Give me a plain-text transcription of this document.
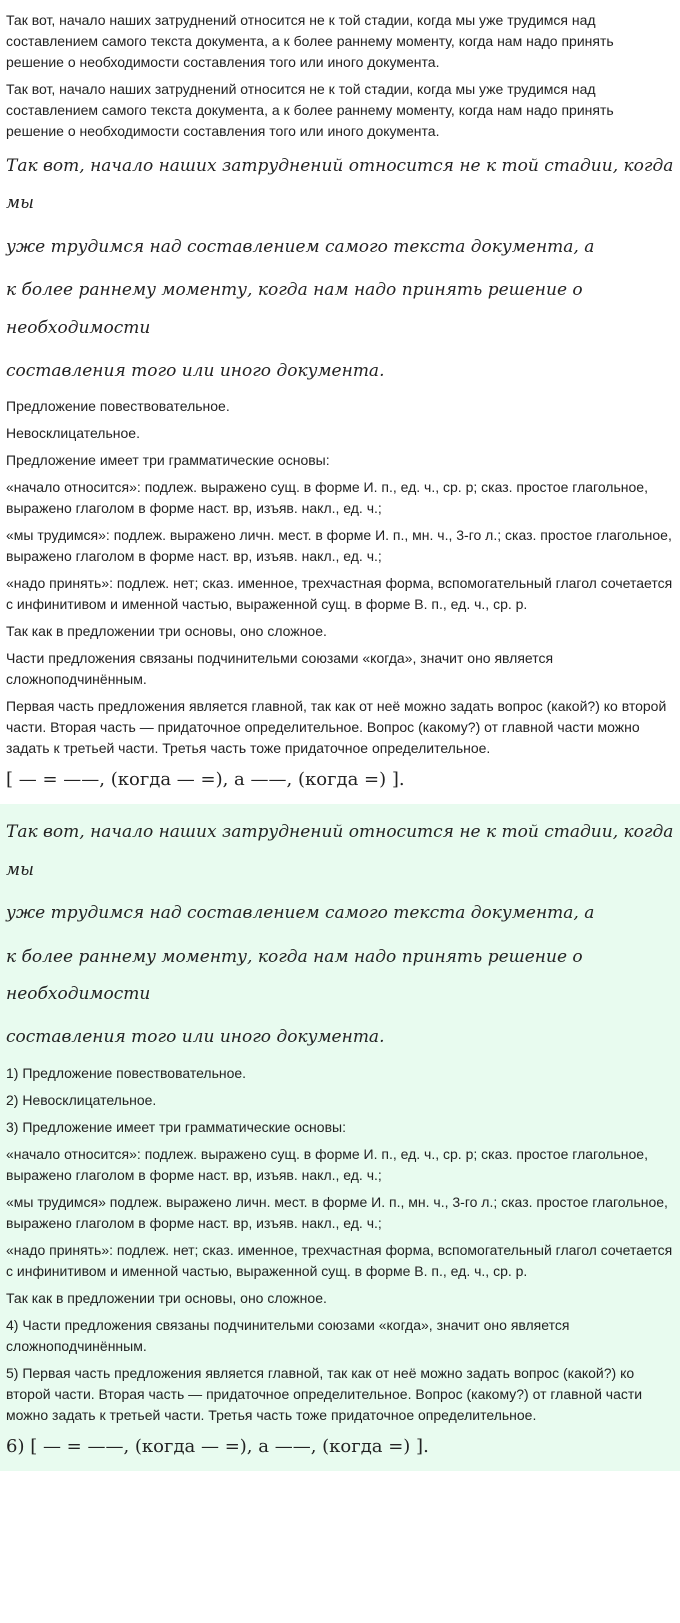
Так вот, начало наших затруднений относится не к той стадии, когда мы уже трудимся над составлением самого текста документа, а к более раннему моменту, когда нам надо принять решение о необходимости составления того или иного документа.

Так вот, начало наших затруднений относится не к той стадии, когда мы уже трудимся над составлением самого текста документа, а к более раннему моменту, когда нам надо принять решение о необходимости составления того или иного документа.

Так вот, начало наших затруднений относится не к той стадии, когда мы
уже трудимся над составлением самого текста документа, а
к более раннему моменту, когда нам надо принять решение о необходимости
составления того или иного документа.

Предложение повествовательное.

Невосклицательное.

Предложение имеет три грамматические основы:

«начало относится»: подлеж. выражено сущ. в форме И. п., ед. ч., ср. р; сказ. простое глагольное, выражено глаголом в форме наст. вр, изъяв. накл., ед. ч.;

«мы трудимся»: подлеж. выражено личн. мест. в форме И. п., мн. ч., 3-го л.; сказ. простое глагольное, выражено глаголом в форме наст. вр, изъяв. накл., ед. ч.;

«надо принять»: подлеж. нет; сказ. именное, трехчастная форма, вспомогательный глагол сочетается с инфинитивом и именной частью, выраженной сущ. в форме В. п., ед. ч., ср. р.

Так как в предложении три основы, оно сложное.

Части предложения связаны подчинительми союзами «когда», значит оно является сложноподчинённым.

Первая часть предложения является главной, так как от неё можно задать вопрос (какой?) ко второй части. Вторая часть — придаточное определительное. Вопрос (какому?) от главной части можно задать к третьей части. Третья часть тоже придаточное определительное.

[ — = ——, (когда — =), а ——, (когда =) ].
Так вот, начало наших затруднений относится не к той стадии, когда мы
уже трудимся над составлением самого текста документа, а
к более раннему моменту, когда нам надо принять решение о необходимости
составления того или иного документа.

1) Предложение повествовательное.

2) Невосклицательное.

3) Предложение имеет три грамматические основы:

«начало относится»: подлеж. выражено сущ. в форме И. п., ед. ч., ср. р; сказ. простое глагольное, выражено глаголом в форме наст. вр, изъяв. накл., ед. ч.;

«мы трудимся» подлеж. выражено личн. мест. в форме И. п., мн. ч., 3-го л.; сказ. простое глагольное, выражено глаголом в форме наст. вр, изъяв. накл., ед. ч.;

«надо принять»: подлеж. нет; сказ. именное, трехчастная форма, вспомогательный глагол сочетается с инфинитивом и именной частью, выраженной сущ. в форме В. п., ед. ч., ср. р.

Так как в предложении три основы, оно сложное.

4) Части предложения связаны подчинительми союзами «когда», значит оно является сложноподчинённым.

5) Первая часть предложения является главной, так как от неё можно задать вопрос (какой?) ко второй части. Вторая часть — придаточное определительное. Вопрос (какому?) от главной части можно задать к третьей части. Третья часть тоже придаточное определительное.

6) [ — = ——, (когда — =), а ——, (когда =) ].
